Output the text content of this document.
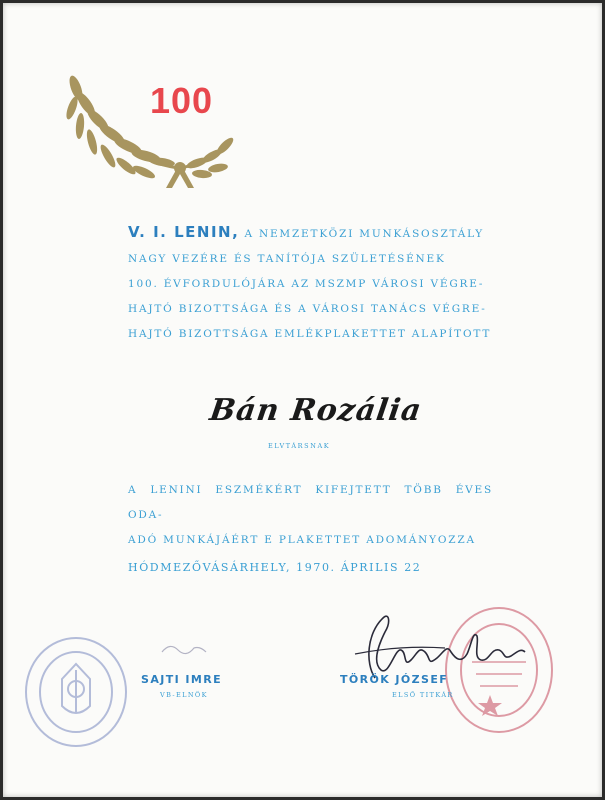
100
V. I. LENIN, A NEMZETKÖZI MUNKÁSOSZTÁLY
NAGY VEZÉRE ÉS TANÍTÓJA SZÜLETÉSÉNEK
100. ÉVFORDULÓJÁRA AZ MSZMP VÁROSI VÉGRE-
HAJTÓ BIZOTTSÁGA ÉS A VÁROSI TANÁCS VÉGRE-
HAJTÓ BIZOTTSÁGA EMLÉKPLAKETTET ALAPÍTOTT
Bán Rozália
ELVTÁRSNAK
A LENINI ESZMÉKÉRT KIFEJTETT TÖBB ÉVES ODA-
ADÓ MUNKÁJÁÉRT E PLAKETTET ADOMÁNYOZZA
HÓDMEZŐVÁSÁRHELY, 1970. ÁPRILIS 22
SAJTI IMRE
VB-ELNÖK
TÖRÖK JÓZSEF
ELSŐ TITKÁR
